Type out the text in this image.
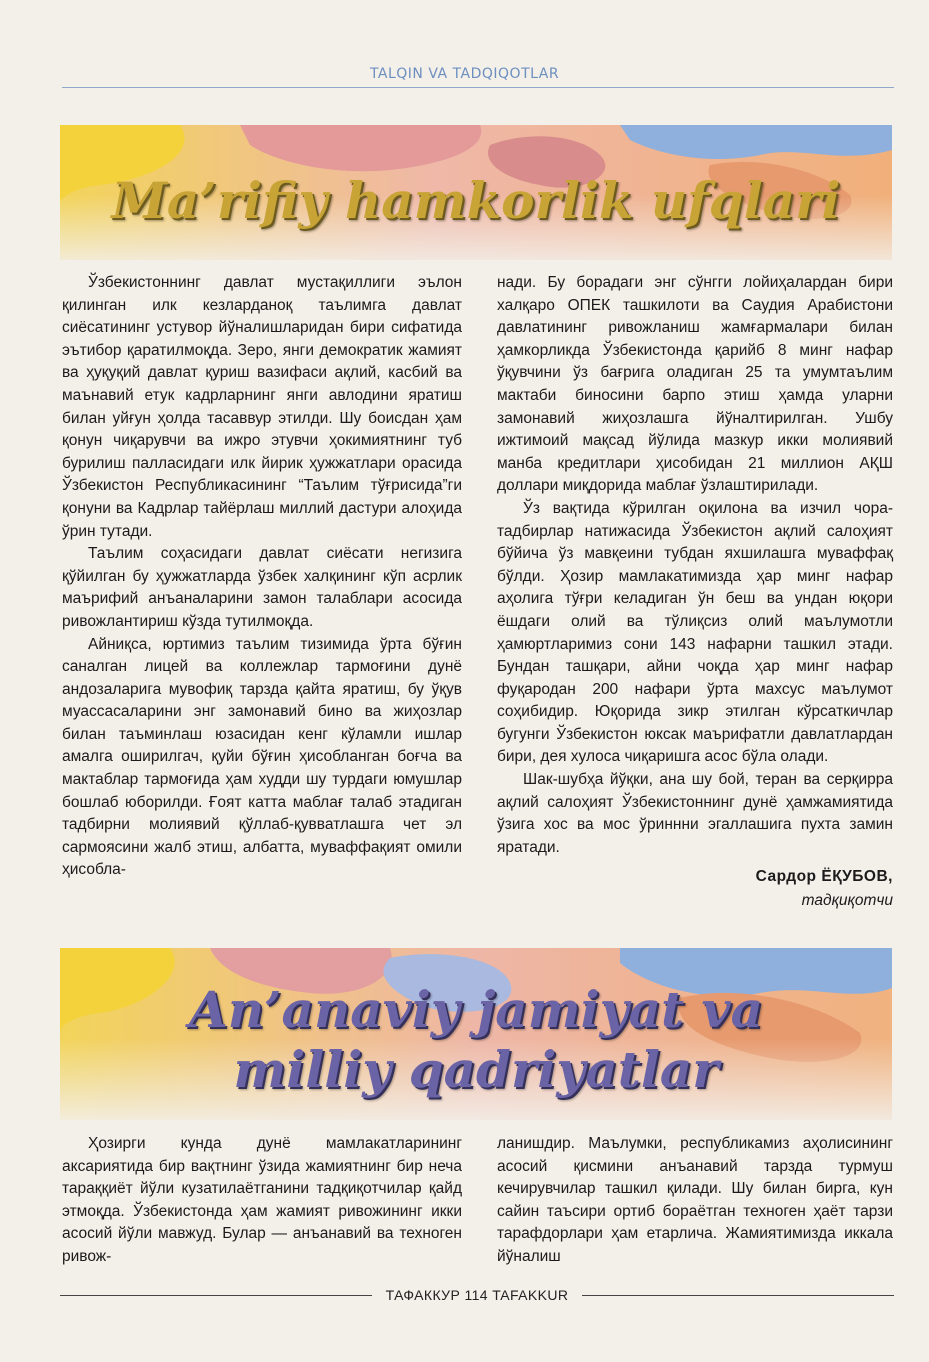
TALQIN VA TADQIQOTLAR
Ma’rifiy hamkorlik ufqlari

Ўзбекистоннинг давлат мустақиллиги эълон қилинган илк кезларданоқ таълимга давлат сиёсатининг устувор йўналишларидан бири сифатида эътибор қаратилмоқда. Зеро, янги демократик жамият ва ҳуқуқий давлат қуриш вазифаси ақлий, касбий ва маънавий етук кадрларнинг янги авлодини яратиш билан уйғун ҳолда тасаввур этилди. Шу боисдан ҳам қонун чиқарувчи ва ижро этувчи ҳокимиятнинг туб бурилиш палласидаги илк йирик ҳужжатлари орасида Ўзбекистон Республикасининг “Таълим тўғрисида”ги қонуни ва Кадрлар тайёрлаш миллий дастури алоҳида ўрин тутади.

Таълим соҳасидаги давлат сиёсати негизига қўйилган бу ҳужжатларда ўзбек халқининг кўп асрлик маърифий анъаналарини замон талаблари асосида ривожлантириш кўзда тутилмоқда.

Айниқса, юртимиз таълим тизимида ўрта бўғин саналган лицей ва коллежлар тармоғини дунё андозаларига мувофиқ тарзда қайта яратиш, бу ўқув муассасаларини энг замонавий бино ва жиҳозлар билан таъминлаш юзасидан кенг кўламли ишлар амалга оширилгач, қуйи бўғин ҳисобланган боғча ва мактаблар тармоғида ҳам худди шу турдаги юмушлар бошлаб юборилди. Ғоят катта маблағ талаб этадиган тадбирни молиявий қўллаб-қувватлашга чет эл сармоясини жалб этиш, албатта, муваффақият омили ҳисобла-

нади. Бу борадаги энг сўнгги лойиҳалардан бири халқаро ОПЕК ташкилоти ва Саудия Арабистони давлатининг ривожланиш жамғармалари билан ҳамкорликда Ўзбекистонда қарийб 8 минг нафар ўқувчини ўз бағрига оладиган 25 та умумтаълим мактаби биносини барпо этиш ҳамда уларни замонавий жиҳозлашга йўналтирилган. Ушбу ижтимоий мақсад йўлида мазкур икки молиявий манба кредитлари ҳисобидан 21 миллион АҚШ доллари миқдорида маблағ ўзлаштирилади.

Ўз вақтида кўрилган оқилона ва изчил чора-тадбирлар натижасида Ўзбекистон ақлий салоҳият бўйича ўз мавқеини тубдан яхшилашга муваффақ бўлди. Ҳозир мамлакатимизда ҳар минг нафар аҳолига тўғри келадиган ўн беш ва ундан юқори ёшдаги олий ва тўлиқсиз олий маълумотли ҳамюртларимиз сони 143 нафарни ташкил этади. Бундан ташқари, айни чоқда ҳар минг нафар фуқародан 200 нафари ўрта махсус маълумот соҳибидир. Юқорида зикр этилган кўрсаткичлар бугунги Ўзбекистон юксак маърифатли давлатлардан бири, дея хулоса чиқаришга асос бўла олади.

Шак-шубҳа йўқки, ана шу бой, теран ва серқирра ақлий салоҳият Ўзбекистоннинг дунё ҳамжамиятида ўзига хос ва мос ўриннни эгаллашига пухта замин яратади.

Сардор ЁҚУБОВ,
тадқиқотчи
An’anaviy jamiyat va
milliy qadriyatlar

Ҳозирги кунда дунё мамлакатларининг аксариятида бир вақтнинг ўзида жамиятнинг бир неча тараққиёт йўли кузатилаётганини тадқиқотчилар қайд этмоқда. Ўзбекистонда ҳам жамият ривожининг икки асосий йўли мавжуд. Булар — анъанавий ва техноген ривож-

ланишдир. Маълумки, республикамиз аҳолисининг асосий қисмини анъанавий тарзда турмуш кечирувчилар ташкил қилади. Шу билан бирга, кун сайин таъсири ортиб бораётган техноген ҳаёт тарзи тарафдорлари ҳам етарлича. Жамиятимизда иккала йўналиш

ТАФАККУР 114 TAFAKKUR
